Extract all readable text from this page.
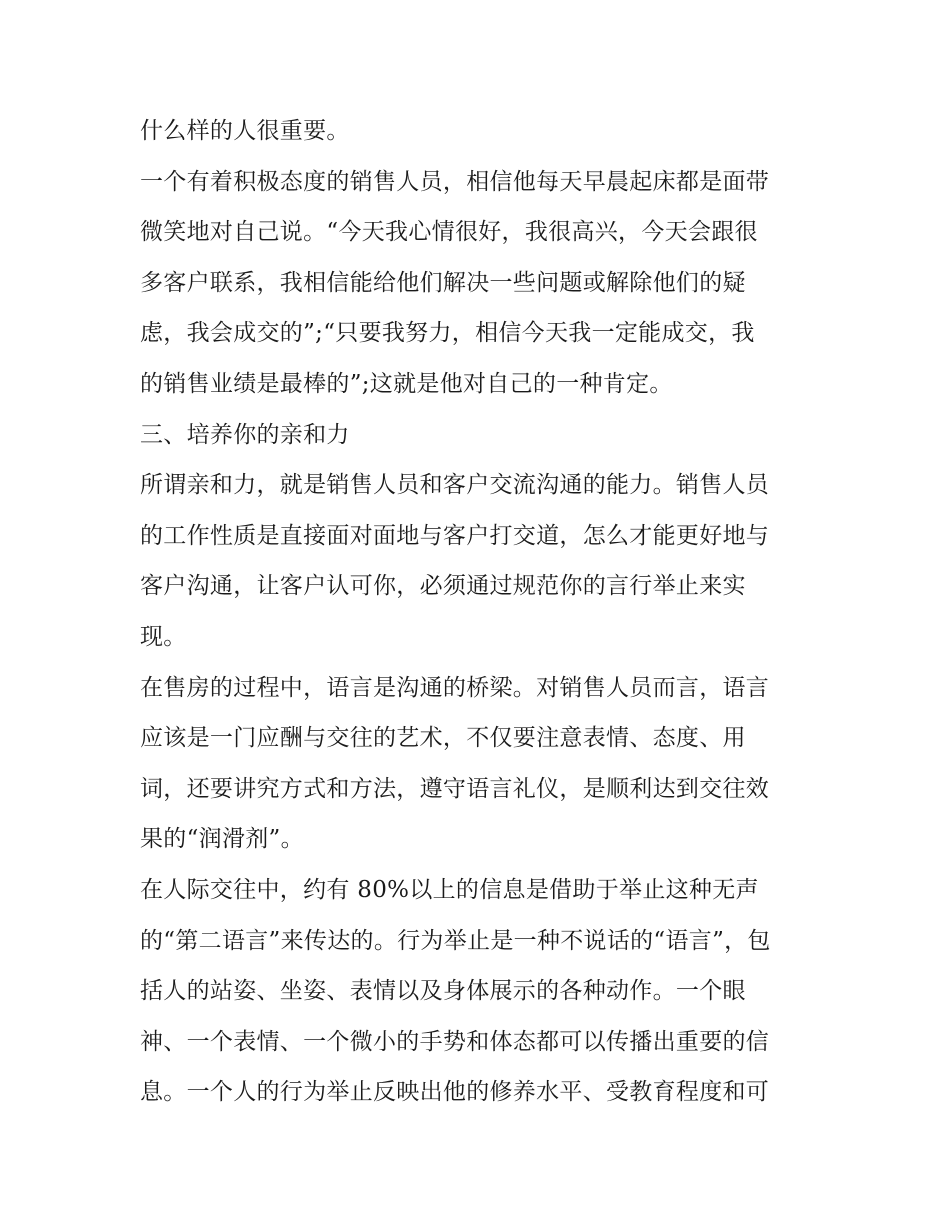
什么样的人很重要。
一个有着积极态度的销售人员，相信他每天早晨起床都是面带
微笑地对自己说。“今天我心情很好，我很高兴，今天会跟很
多客户联系，我相信能给他们解决一些问题或解除他们的疑
虑，我会成交的”;“只要我努力，相信今天我一定能成交，我
的销售业绩是最棒的”;这就是他对自己的一种肯定。
三、培养你的亲和力
所谓亲和力，就是销售人员和客户交流沟通的能力。销售人员
的工作性质是直接面对面地与客户打交道，怎么才能更好地与
客户沟通，让客户认可你，必须通过规范你的言行举止来实
现。
在售房的过程中，语言是沟通的桥梁。对销售人员而言，语言
应该是一门应酬与交往的艺术，不仅要注意表情、态度、用
词，还要讲究方式和方法，遵守语言礼仪，是顺利达到交往效
果的“润滑剂”。
在人际交往中，约有 80%以上的信息是借助于举止这种无声
的“第二语言”来传达的。行为举止是一种不说话的“语言”，包
括人的站姿、坐姿、表情以及身体展示的各种动作。一个眼
神、一个表情、一个微小的手势和体态都可以传播出重要的信
息。一个人的行为举止反映出他的修养水平、受教育程度和可
